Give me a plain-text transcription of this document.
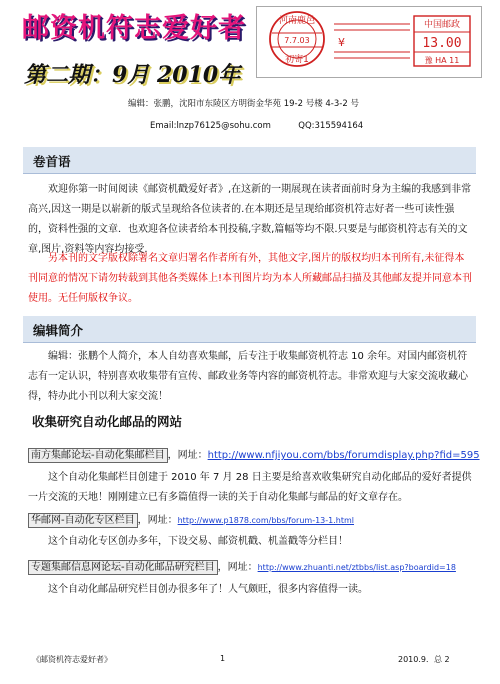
邮资机符志爱好者
第二期：9月 2010年
河南鹿邑
7.7.03
初寄1
¥
中国邮政
13.00
豫 HA 11
编辑：张鹏，沈阳市东陵区方明街金华苑 19-2 号楼 4-3-2 号
Email:lnzp76125@sohu.com	QQ:315594164
卷首语
欢迎你第一时间阅读《邮资机戳爱好者》,在这新的一期展现在读者面前时身为主编的我感到非常高兴,因这一期是以崭新的版式呈现给各位读者的.在本期还是呈现给邮资机符志好者一些可读性强的，资料性强的文章．也欢迎各位读者给本刊投稿,字数,篇幅等均不限.只要是与邮资机符志有关的文章,图片,资料等内容均接受.
另本刊的文字版权除署名文章归署名作者所有外，其他文字,图片的版权均归本刊所有,未征得本刊同意的情况下请勿转载到其他各类媒体上!本刊图片均为本人所藏邮品扫描及其他邮友提并同意本刊使用。无任何版权争议。
编辑简介
编辑：张鹏个人简介，本人自幼喜欢集邮，后专注于收集邮资机符志 10 余年。对国内邮资机符志有一定认识，特别喜欢收集带有宣传、邮政业务等内容的邮资机符志。非常欢迎与大家交流收藏心得，特办此小刊以利大家交流！
收集研究自动化邮品的网站
南方集邮论坛-自动化集邮栏目 ，网址：http://www.nfjiyou.com/bbs/forumdisplay.php?fid=595
这个自动化集邮栏目创建于 2010 年 7 月 28 日主要是给喜欢收集研究自动化邮品的爱好者提供一片交流的天地！刚刚建立已有多篇值得一读的关于自动化集邮与邮品的好文章存在。
华邮网-自动化专区栏目 ，网址：http://www.p1878.com/bbs/forum-13-1.html
这个自动化专区创办多年，下设交易、邮资机戳、机盖戳等分栏目！
专题集邮信息网论坛-自动化邮品研究栏目 ，网址：http://www.zhuanti.net/ztbbs/list.asp?boardid=18
这个自动化邮品研究栏目创办很多年了！人气颇旺，很多内容值得一读。
《邮资机符志爱好者》	1	2010.9．总 2
